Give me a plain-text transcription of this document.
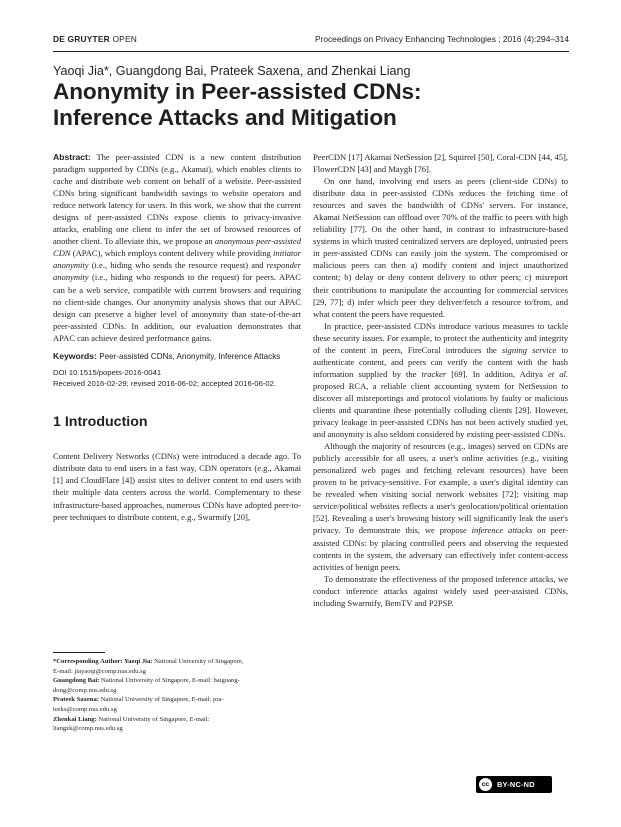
DE GRUYTER OPEN	Proceedings on Privacy Enhancing Technologies ; 2016 (4):294–314
Yaoqi Jia*, Guangdong Bai, Prateek Saxena, and Zhenkai Liang
Anonymity in Peer-assisted CDNs:
Inference Attacks and Mitigation

Abstract: The peer-assisted CDN is a new content distribution paradigm supported by CDNs (e.g., Akamai), which enables clients to cache and distribute web content on behalf of a website. Peer-assisted CDNs bring significant bandwidth savings to website operators and reduce network latency for users. In this work, we show that the current designs of peer-assisted CDNs expose clients to privacy-invasive attacks, enabling one client to infer the set of browsed resources of another client. To alleviate this, we propose an anonymous peer-assisted CDN (APAC), which employs content delivery while providing initiator anonymity (i.e., hiding who sends the resource request) and responder anonymity (i.e., hiding who responds to the request) for peers. APAC can be a web service, compatible with current browsers and requiring no client-side changes. Our anonymity analysis shows that our APAC design can preserve a higher level of anonymity than state-of-the-art peer-assisted CDNs. In addition, our evaluation demonstrates that APAC can achieve desired performance gains.

Keywords: Peer-assisted CDNs, Anonymity, Inference Attacks
DOI 10.1515/popets-2016-0041
Received 2016-02-29; revised 2016-06-02; accepted 2016-06-02.
1 Introduction

Content Delivery Networks (CDNs) were introduced a decade ago. To distribute data to end users in a fast way, CDN operators (e.g., Akamai [1] and CloudFlare [4]) assist sites to deliver content to end users with their multiple data centers across the world. Complementary to these infrastructure-based approaches, numerous CDNs have adopted peer-to-peer techniques to distribute content, e.g., Swarmify [20],

*Corresponding Author: Yaoqi Jia: National University of Singapore,
E-mail: jiayaoqi@comp.nus.edu.sg
Guangdong Bai: National University of Singapore, E-mail: baiguang-
dong@comp.nus.edu.sg
Prateek Saxena: National University of Singapore, E-mail: pra-
teeks@comp.nus.edu.sg
Zhenkai Liang: National University of Singapore, E-mail:
liangzk@comp.nus.edu.sg

PeerCDN [17] Akamai NetSession [2], Squirrel [50], Coral-CDN [44, 45], FlowerCDN [43] and Maygh [76].

On one hand, involving end users as peers (client-side CDNs) to distribute data in peer-assisted CDNs reduces the fetching time of resources and saves the bandwidth of CDNs' servers. For instance, Akamai NetSession can offload over 70% of the traffic to peers with high reliability [77]. On the other hand, in contrast to infrastructure-based systems in which trusted centralized servers are deployed, untrusted peers in peer-assisted CDNs can easily join the system. The compromised or malicious peers can then a) modify content and inject unauthorized content; b) delay or deny content delivery to other peers; c) misreport their contributions to manipulate the accounting for commercial services [29, 77]; d) infer which peer they deliver/fetch a resource to/from, and what content the peers have requested.

In practice, peer-assisted CDNs introduce various measures to tackle these security issues. For example, to protect the authenticity and integrity of the content in peers, FireCoral introduces the signing service to authenticate content, and peers can verify the content with the hash information supplied by the tracker [69]. In addition, Aditya et al. proposed RCA, a reliable client accounting system for NetSession to discover all misreportings and protocol violations by faulty or malicious clients and quarantine these potentially colluding clients [29]. However, privacy leakage in peer-assisted CDNs has not been actively studied yet, and anonymity is also seldom considered by existing peer-assisted CDNs.

Although the majority of resources (e.g., images) served on CDNs are publicly accessible for all users, a user's online activities (e.g., visiting personalized web pages and fetching relevant resources) have been proven to be privacy-sensitive. For example, a user's digital identity can be revealed when visiting social network websites [72]; visiting map service/political websites reflects a user's geolocation/political orientation [52]. Revealing a user's browsing history will significantly leak the user's privacy. To demonstrate this, we propose inference attacks on peer-assisted CDNs: by placing controlled peers and observing the requested contents in the system, the adversary can effectively infer content-access activities of benign peers.

To demonstrate the effectiveness of the proposed inference attacks, we conduct inference attacks against widely used peer-assisted CDNs, including Swarmify, BemTV and P2PSP.

cc	BY-NC-ND
